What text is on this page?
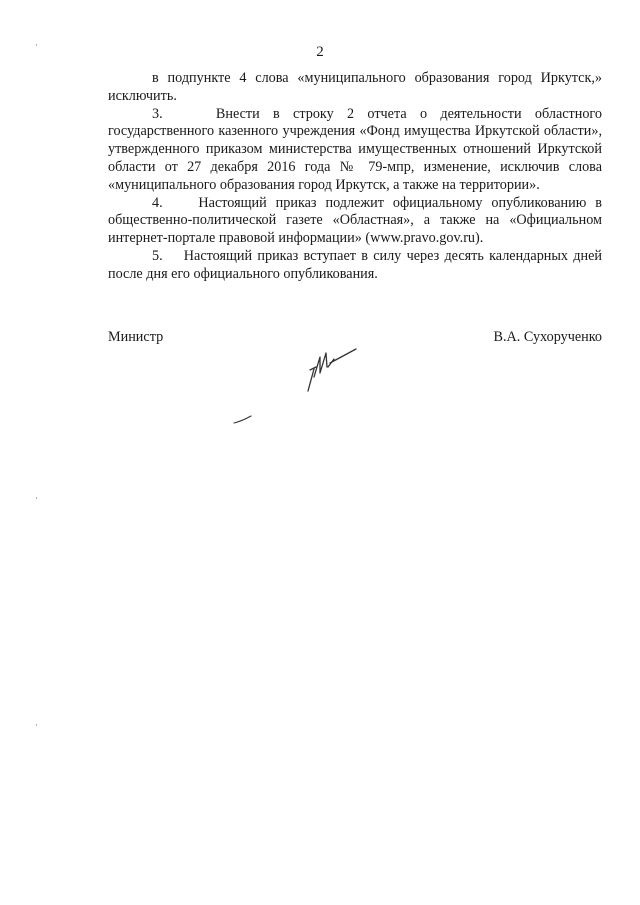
2

в подпункте 4 слова «муниципального образования город Иркутск,» исключить.

3.    Внести в строку 2 отчета о деятельности областного государственного казенного учреждения «Фонд имущества Иркутской области», утвержденного приказом министерства имущественных отношений Иркутской области от 27 декабря 2016 года № 79-мпр, изменение, исключив слова «муниципального образования город Иркутск, а также на территории».

4.    Настоящий приказ подлежит официальному опубликованию в общественно-политической газете «Областная», а также на «Официальном интернет-портале правовой информации» (www.pravo.gov.ru).

5.    Настоящий приказ вступает в силу через десять календарных дней после дня его официального опубликования.

Министр	В.А. Сухорученко
